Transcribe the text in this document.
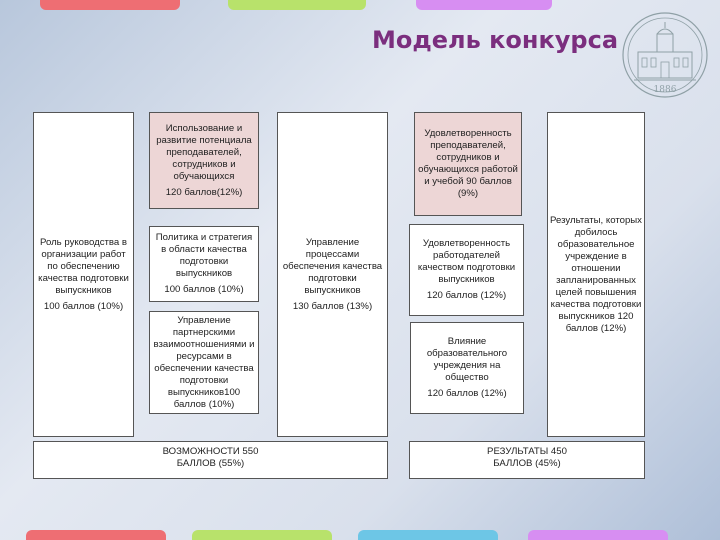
Модель конкурса
1886
Роль руководства в организации работ по обеспечению качества подготовки выпускников
100 баллов (10%)
Использование и развитие потенциала преподавателей, сотрудников и обучающихся
120 баллов(12%)
Политика и стратегия в области качества подготовки выпускников
100 баллов (10%)
Управление партнерскими взаимоотношениями и ресурсами в обеспечении качества подготовки выпускников100 баллов (10%)
Управление процессами обеспечения качества подготовки выпускников
130 баллов (13%)
Удовлетворенность преподавателей, сотрудников и обучающихся работой и учебой 90 баллов (9%)
Удовлетворенность работодателей качеством подготовки выпускников
120 баллов (12%)
Влияние образовательного учреждения на общество
120 баллов (12%)
Результаты, которых добилось образовательное учреждение в отношении запланированных целей повышения качества подготовки выпускников 120 баллов (12%)
ВОЗМОЖНОСТИ 550 БАЛЛОВ (55%)
РЕЗУЛЬТАТЫ 450 БАЛЛОВ (45%)
